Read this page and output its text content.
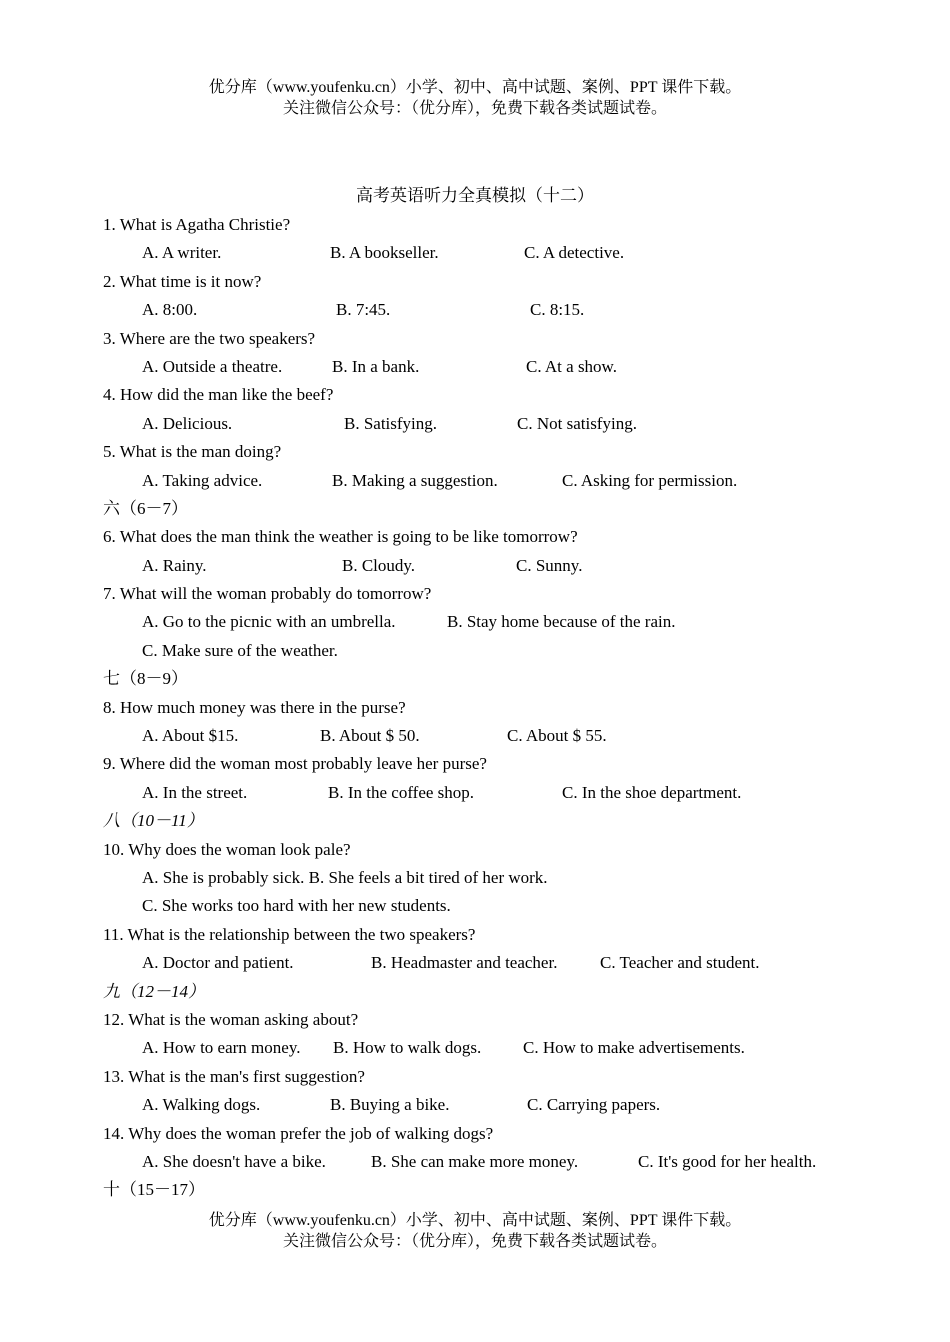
优分库（www.youfenku.cn）小学、初中、高中试题、案例、PPT 课件下载。
关注微信公众号：（优分库），免费下载各类试题试卷。
高考英语听力全真模拟（十二）
1. What is Agatha Christie?
A. A writer.	B. A bookseller.	C. A detective.
2. What time is it now?
A. 8:00.	B. 7:45.	C. 8:15.
3. Where are the two speakers?
A. Outside a theatre.	B. In a bank.	C. At a show.
4. How did the man like the beef?
A. Delicious.	B. Satisfying.	C. Not satisfying.
5. What is the man doing?
A. Taking advice.	B. Making a suggestion.	C. Asking for permission.
六（6－7）
6. What does the man think the weather is going to be like tomorrow?
A. Rainy.	B. Cloudy.	C. Sunny.
7. What will the woman probably do tomorrow?
A. Go to the picnic with an umbrella.	B. Stay home because of the rain.
C. Make sure of the weather.
七（8－9）
8. How much money was there in the purse?
A. About $15.	B. About $ 50.	C. About $ 55.
9. Where did the woman most probably leave her purse?
A. In the street.	B. In the coffee shop.	C. In the shoe department.
八（10－11）
10. Why does the woman look pale?
A. She is probably sick. B. She feels a bit tired of her work.
C. She works too hard with her new students.
11. What is the relationship between the two speakers?
A. Doctor and patient.	B. Headmaster and teacher.	C. Teacher and student.
九（12－14）
12. What is the woman asking about?
A. How to earn money. B. How to walk dogs. C. How to make advertisements.
13. What is the man's first suggestion?
A. Walking dogs.	B. Buying a bike.	C. Carrying papers.
14. Why does the woman prefer the job of walking dogs?
A. She doesn't have a bike.	B. She can make more money.	C. It's good for her health.
十（15－17）
优分库（www.youfenku.cn）小学、初中、高中试题、案例、PPT 课件下载。
关注微信公众号：（优分库），免费下载各类试题试卷。
